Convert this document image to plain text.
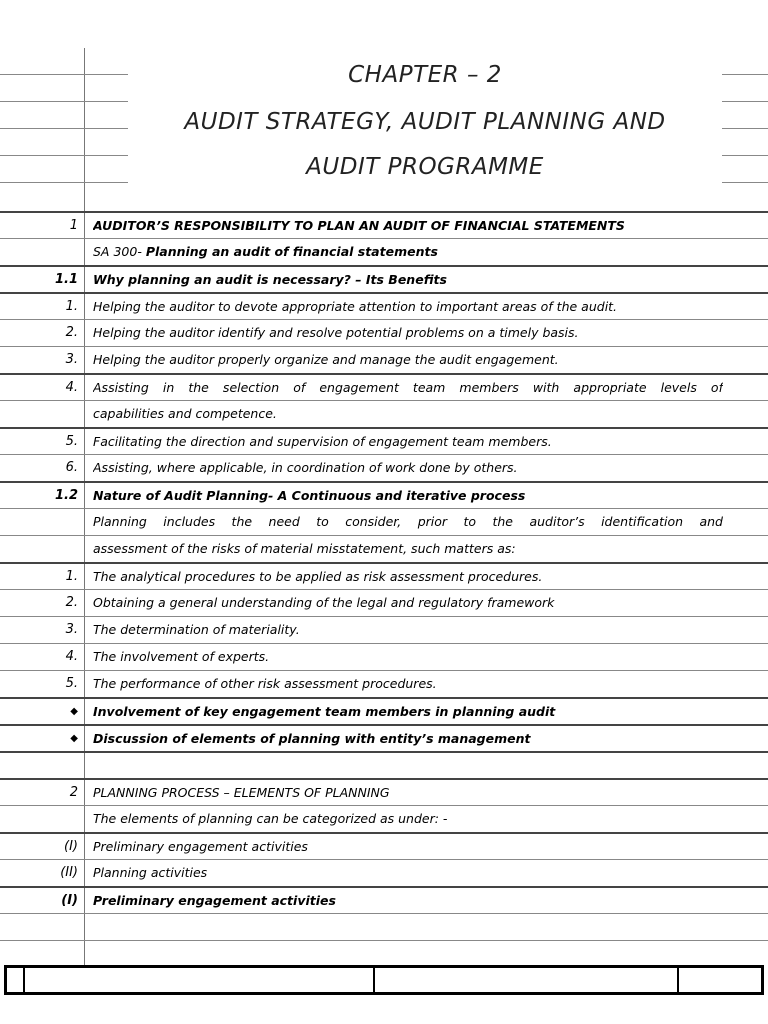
CHAPTER – 2
AUDIT STRATEGY, AUDIT PLANNING AND
AUDIT PROGRAMME
1 AUDITOR’S RESPONSIBILITY TO PLAN AN AUDIT OF FINANCIAL STATEMENTS
SA 300- Planning an audit of financial statements
1.1 Why planning an audit is necessary? – Its Benefits
1. Helping the auditor to devote appropriate attention to important areas of the audit.
2. Helping the auditor identify and resolve potential problems on a timely basis.
3. Helping the auditor properly organize and manage the audit engagement.
4. Assisting in the selection of engagement team members with appropriate levels of
capabilities and competence.
5. Facilitating the direction and supervision of engagement team members.
6. Assisting, where applicable, in coordination of work done by others.
1.2 Nature of Audit Planning- A Continuous and iterative process
Planning includes the need to consider, prior to the auditor’s identification and
assessment of the risks of material misstatement, such matters as:
1. The analytical procedures to be applied as risk assessment procedures.
2. Obtaining a general understanding of the legal and regulatory framework
3. The determination of materiality.
4. The involvement of experts.
5. The performance of other risk assessment procedures.
◆ Involvement of key engagement team members in planning audit
◆ Discussion of elements of planning with entity’s management
2 PLANNING PROCESS – ELEMENTS OF PLANNING
The elements of planning can be categorized as under: -
(I) Preliminary engagement activities
(II) Planning activities
(I) Preliminary engagement activities
